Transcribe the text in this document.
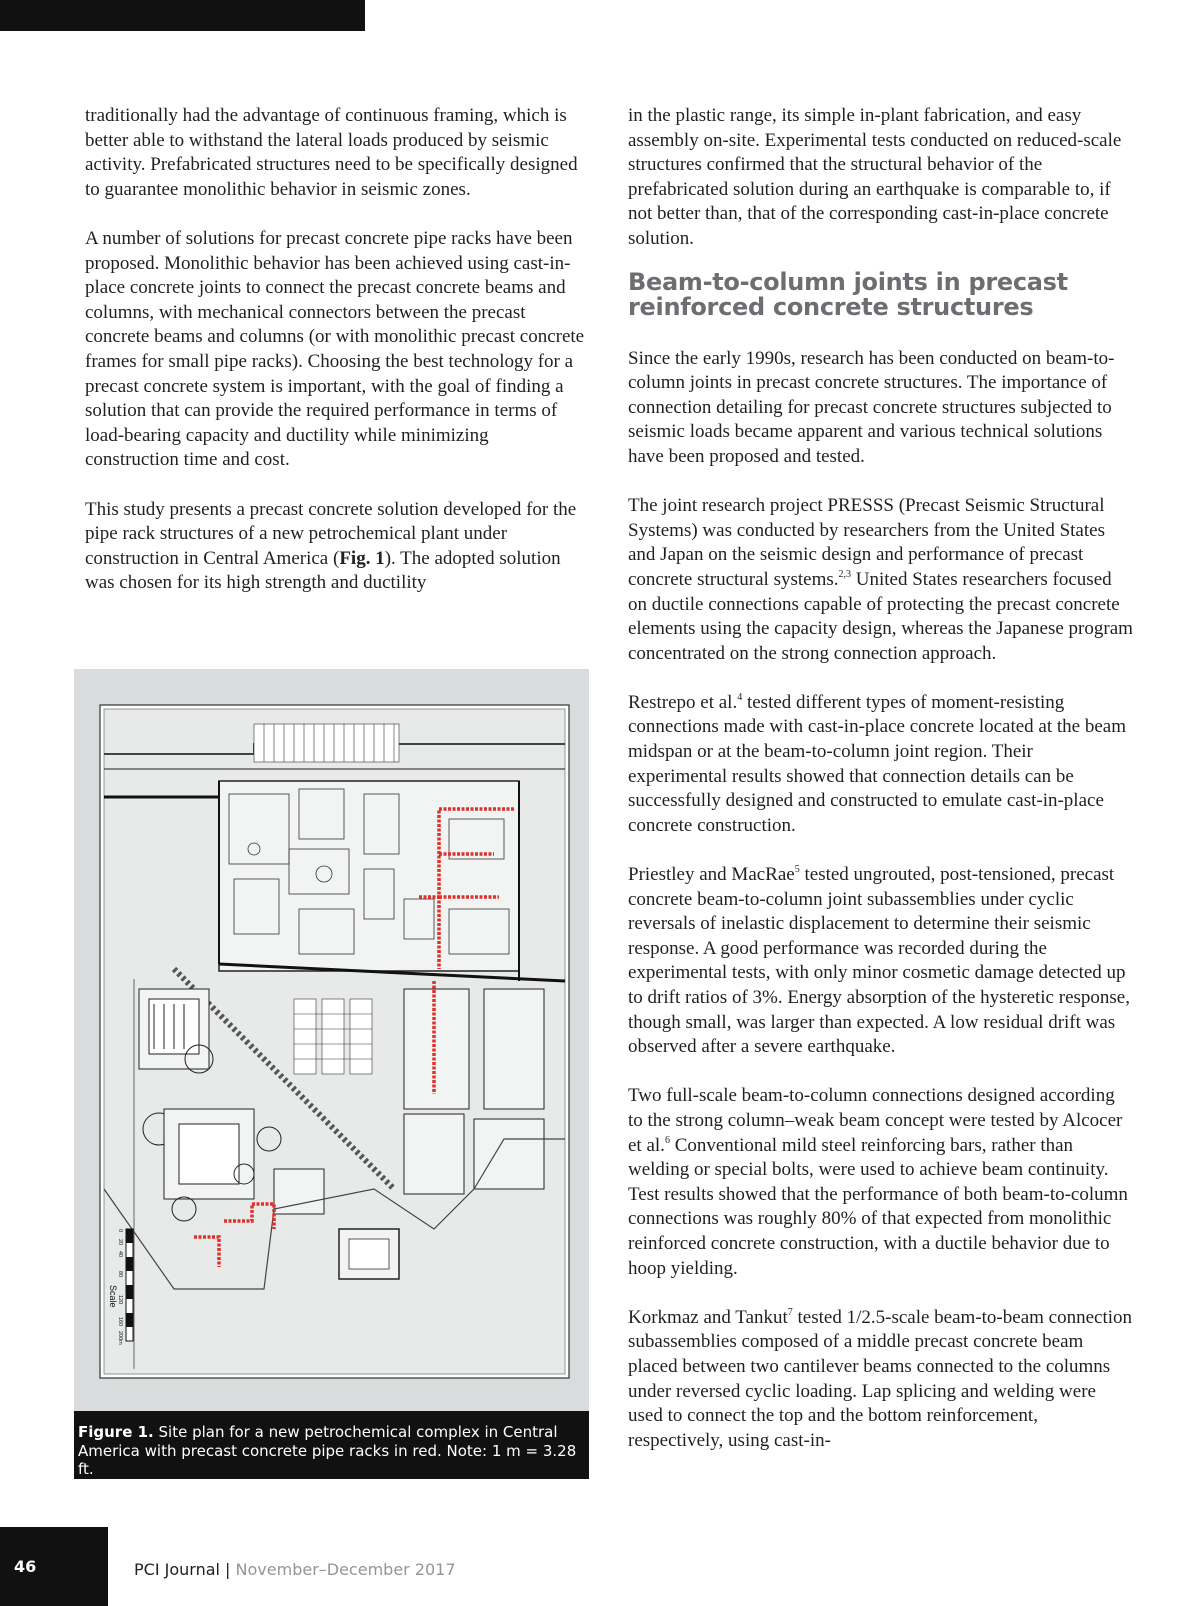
traditionally had the advantage of continuous framing, which is better able to withstand the lateral loads produced by seismic activity. Prefabricated structures need to be specifically designed to guarantee monolithic behavior in seismic zones.

A number of solutions for precast concrete pipe racks have been proposed. Monolithic behavior has been achieved using cast-in-place concrete joints to connect the precast concrete beams and columns, with mechanical connectors between the precast concrete beams and columns (or with monolithic precast concrete frames for small pipe racks). Choosing the best technology for a precast concrete system is important, with the goal of finding a solution that can provide the required performance in terms of load-bearing capacity and ductility while minimizing construction time and cost.

This study presents a precast concrete solution developed for the pipe rack structures of a new petrochemical plant under construction in Central America (Fig. 1). The adopted solution was chosen for its high strength and ductility

Scale
0
20
40
80
120
160
200m
Figure 1. Site plan for a new petrochemical complex in Central America with precast concrete pipe racks in red. Note: 1 m = 3.28 ft.

in the plastic range, its simple in-plant fabrication, and easy assembly on-site. Experimental tests conducted on reduced-scale structures confirmed that the structural behavior of the prefabricated solution during an earthquake is comparable to, if not better than, that of the corresponding cast-in-place concrete solution.

Beam-to-column joints in precast reinforced concrete structures

Since the early 1990s, research has been conducted on beam-to-column joints in precast concrete structures. The importance of connection detailing for precast concrete structures subjected to seismic loads became apparent and various technical solutions have been proposed and tested.

The joint research project PRESSS (Precast Seismic Structural Systems) was conducted by researchers from the United States and Japan on the seismic design and performance of precast concrete structural systems.$^{2,3}$ United States researchers focused on ductile connections capable of protecting the precast concrete elements using the capacity design, whereas the Japanese program concentrated on the strong connection approach.

Restrepo et al.$^4$ tested different types of moment-resisting connections made with cast-in-place concrete located at the beam midspan or at the beam-to-column joint region. Their experimental results showed that connection details can be successfully designed and constructed to emulate cast-in-place concrete construction.

Priestley and MacRae$^5$ tested ungrouted, post-tensioned, precast concrete beam-to-column joint subassemblies under cyclic reversals of inelastic displacement to determine their seismic response. A good performance was recorded during the experimental tests, with only minor cosmetic damage detected up to drift ratios of 3%. Energy absorption of the hysteretic response, though small, was larger than expected. A low residual drift was observed after a severe earthquake.

Two full-scale beam-to-column connections designed according to the strong column–weak beam concept were tested by Alcocer et al.$^6$ Conventional mild steel reinforcing bars, rather than welding or special bolts, were used to achieve beam continuity. Test results showed that the performance of both beam-to-column connections was roughly 80% of that expected from monolithic reinforced concrete construction, with a ductile behavior due to hoop yielding.

Korkmaz and Tankut$^7$ tested 1/2.5-scale beam-to-beam connection subassemblies composed of a middle precast concrete beam placed between two cantilever beams connected to the columns under reversed cyclic loading. Lap splicing and welding were used to connect the top and the bottom reinforcement, respectively, using cast-in-

46	PCI Journal | November–December 2017
